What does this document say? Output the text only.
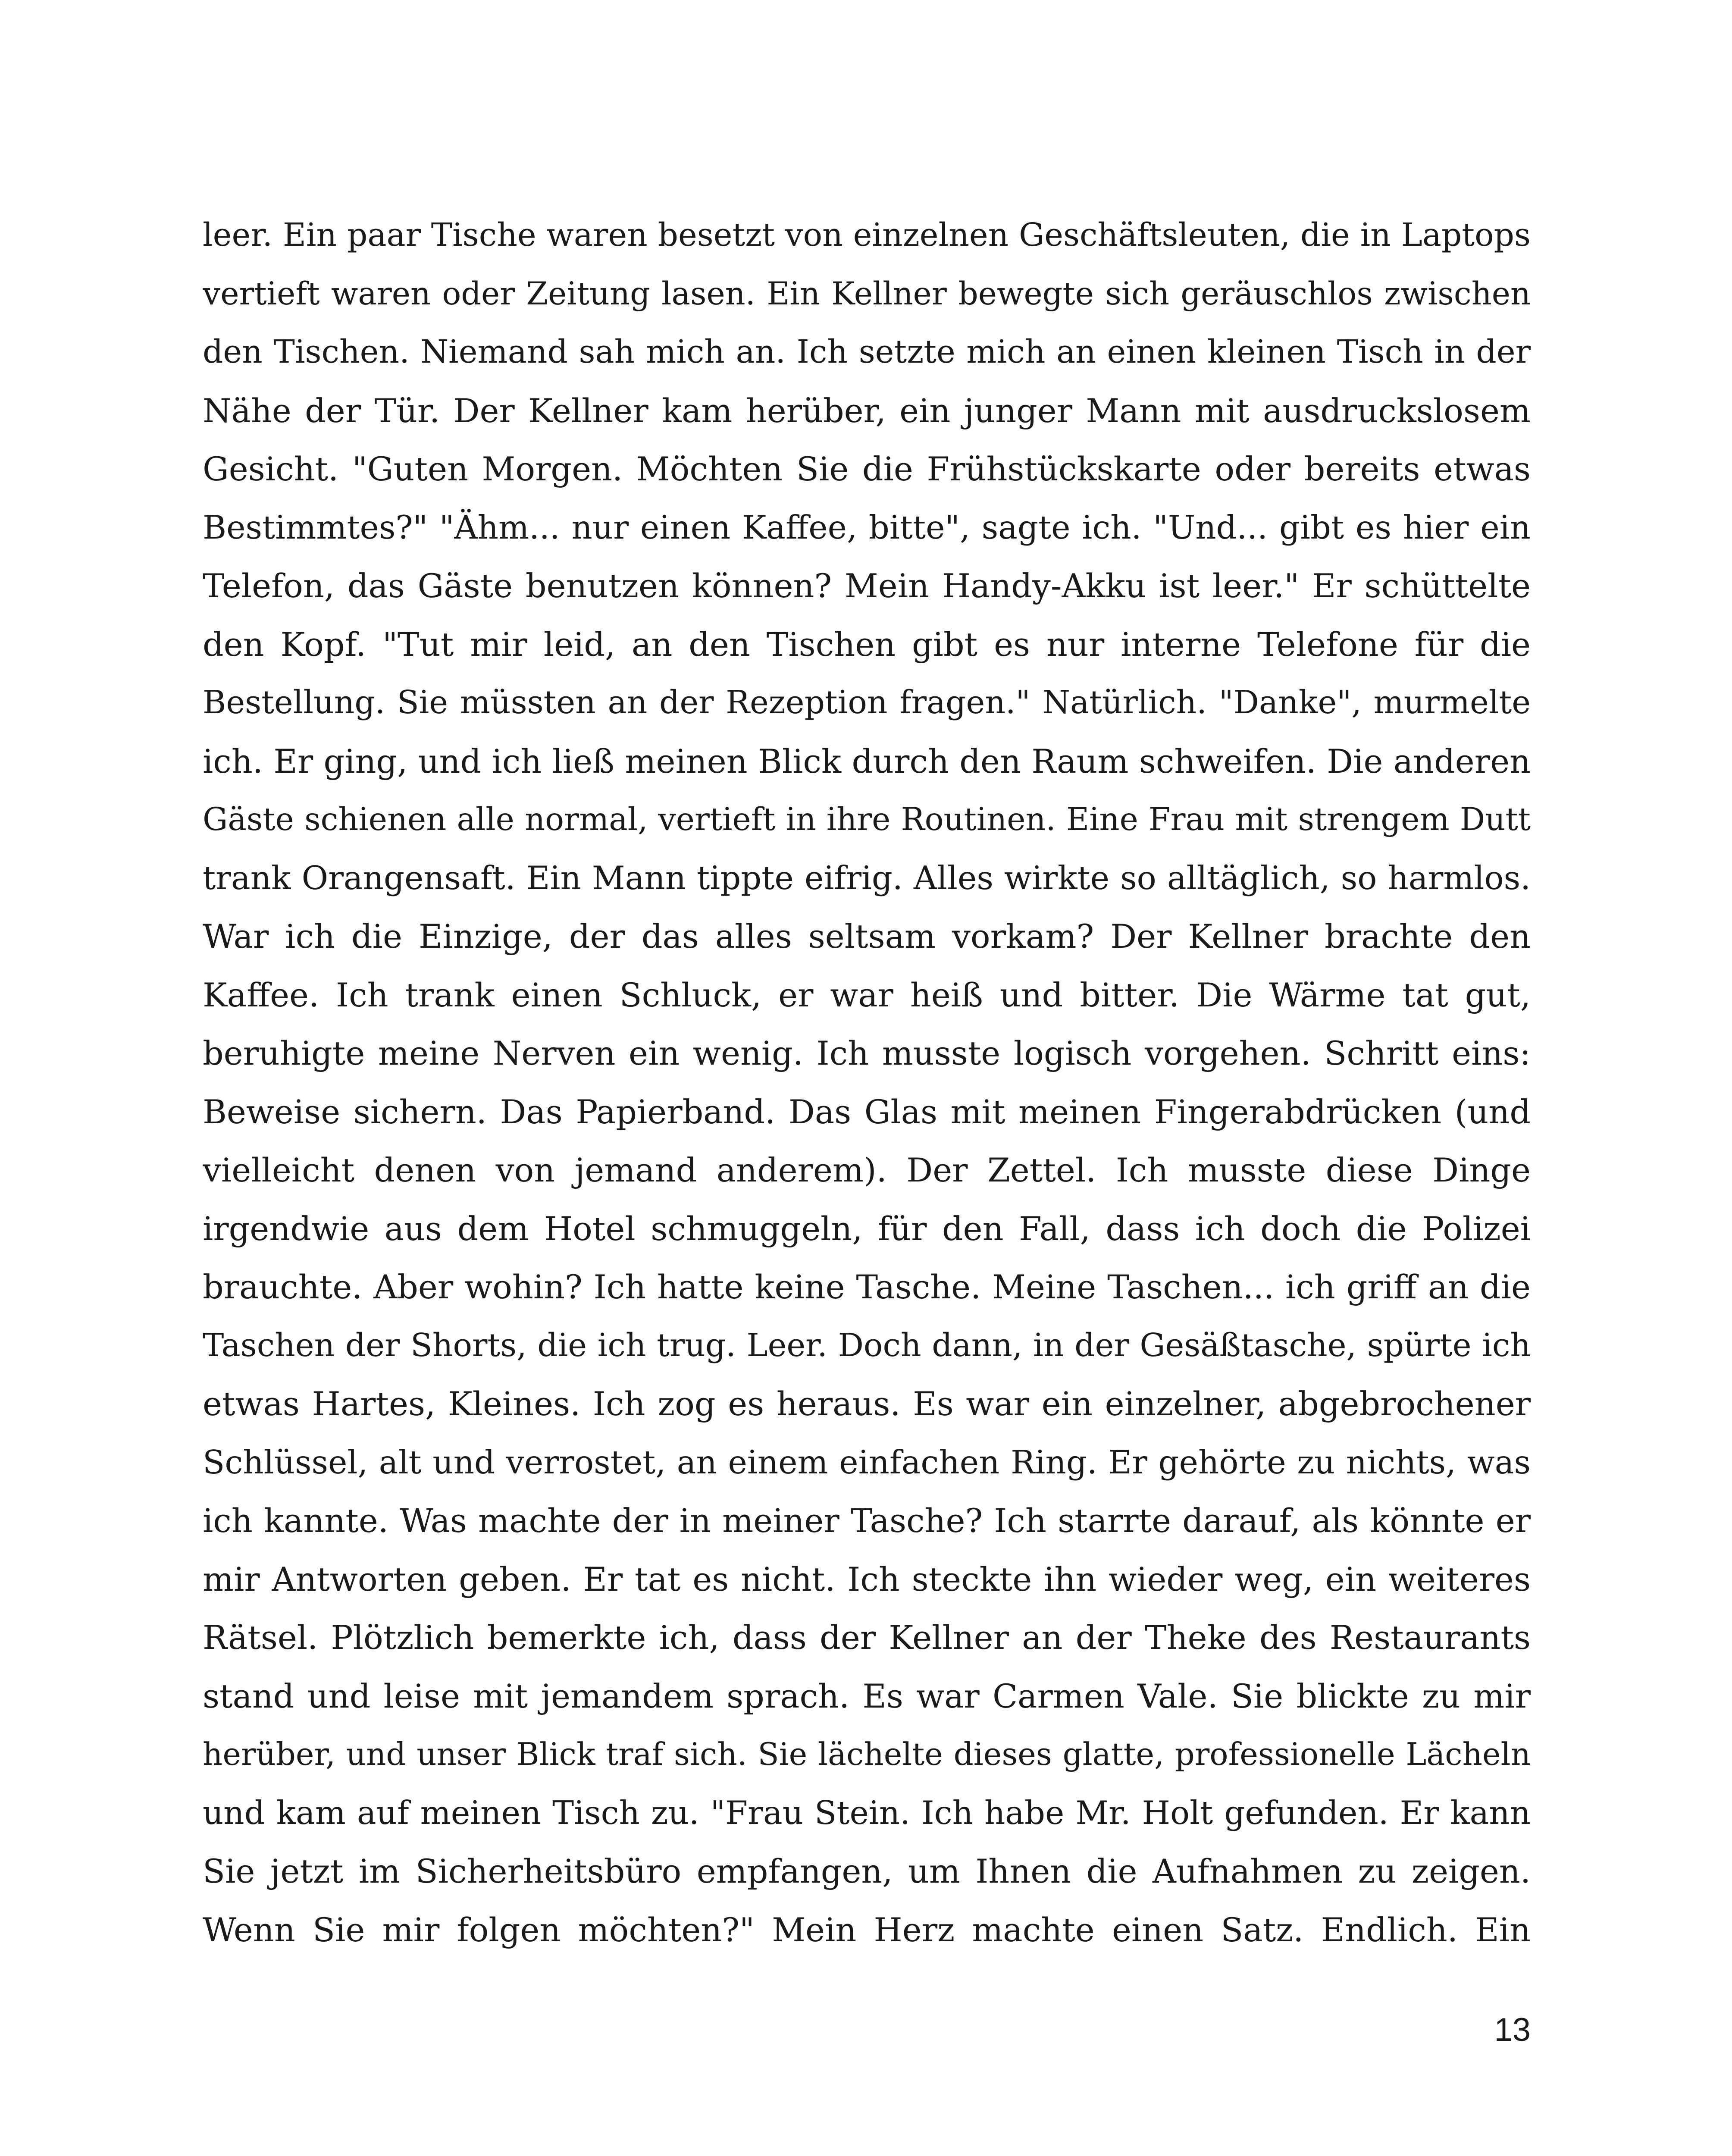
leer. Ein paar Tische waren besetzt von einzelnen Geschäftsleuten, die in Laptops
vertieft waren oder Zeitung lasen. Ein Kellner bewegte sich geräuschlos zwischen
den Tischen. Niemand sah mich an. Ich setzte mich an einen kleinen Tisch in der
Nähe der Tür. Der Kellner kam herüber, ein junger Mann mit ausdruckslosem
Gesicht. "Guten Morgen. Möchten Sie die Frühstückskarte oder bereits etwas
Bestimmtes?" "Ähm... nur einen Kaffee, bitte", sagte ich. "Und... gibt es hier ein
Telefon, das Gäste benutzen können? Mein Handy-Akku ist leer." Er schüttelte
den Kopf. "Tut mir leid, an den Tischen gibt es nur interne Telefone für die
Bestellung. Sie müssten an der Rezeption fragen." Natürlich. "Danke", murmelte
ich. Er ging, und ich ließ meinen Blick durch den Raum schweifen. Die anderen
Gäste schienen alle normal, vertieft in ihre Routinen. Eine Frau mit strengem Dutt
trank Orangensaft. Ein Mann tippte eifrig. Alles wirkte so alltäglich, so harmlos.
War ich die Einzige, der das alles seltsam vorkam? Der Kellner brachte den
Kaffee. Ich trank einen Schluck, er war heiß und bitter. Die Wärme tat gut,
beruhigte meine Nerven ein wenig. Ich musste logisch vorgehen. Schritt eins:
Beweise sichern. Das Papierband. Das Glas mit meinen Fingerabdrücken (und
vielleicht denen von jemand anderem). Der Zettel. Ich musste diese Dinge
irgendwie aus dem Hotel schmuggeln, für den Fall, dass ich doch die Polizei
brauchte. Aber wohin? Ich hatte keine Tasche. Meine Taschen... ich griff an die
Taschen der Shorts, die ich trug. Leer. Doch dann, in der Gesäßtasche, spürte ich
etwas Hartes, Kleines. Ich zog es heraus. Es war ein einzelner, abgebrochener
Schlüssel, alt und verrostet, an einem einfachen Ring. Er gehörte zu nichts, was
ich kannte. Was machte der in meiner Tasche? Ich starrte darauf, als könnte er
mir Antworten geben. Er tat es nicht. Ich steckte ihn wieder weg, ein weiteres
Rätsel. Plötzlich bemerkte ich, dass der Kellner an der Theke des Restaurants
stand und leise mit jemandem sprach. Es war Carmen Vale. Sie blickte zu mir
herüber, und unser Blick traf sich. Sie lächelte dieses glatte, professionelle Lächeln
und kam auf meinen Tisch zu. "Frau Stein. Ich habe Mr. Holt gefunden. Er kann
Sie jetzt im Sicherheitsbüro empfangen, um Ihnen die Aufnahmen zu zeigen.
Wenn Sie mir folgen möchten?" Mein Herz machte einen Satz. Endlich. Ein
13
